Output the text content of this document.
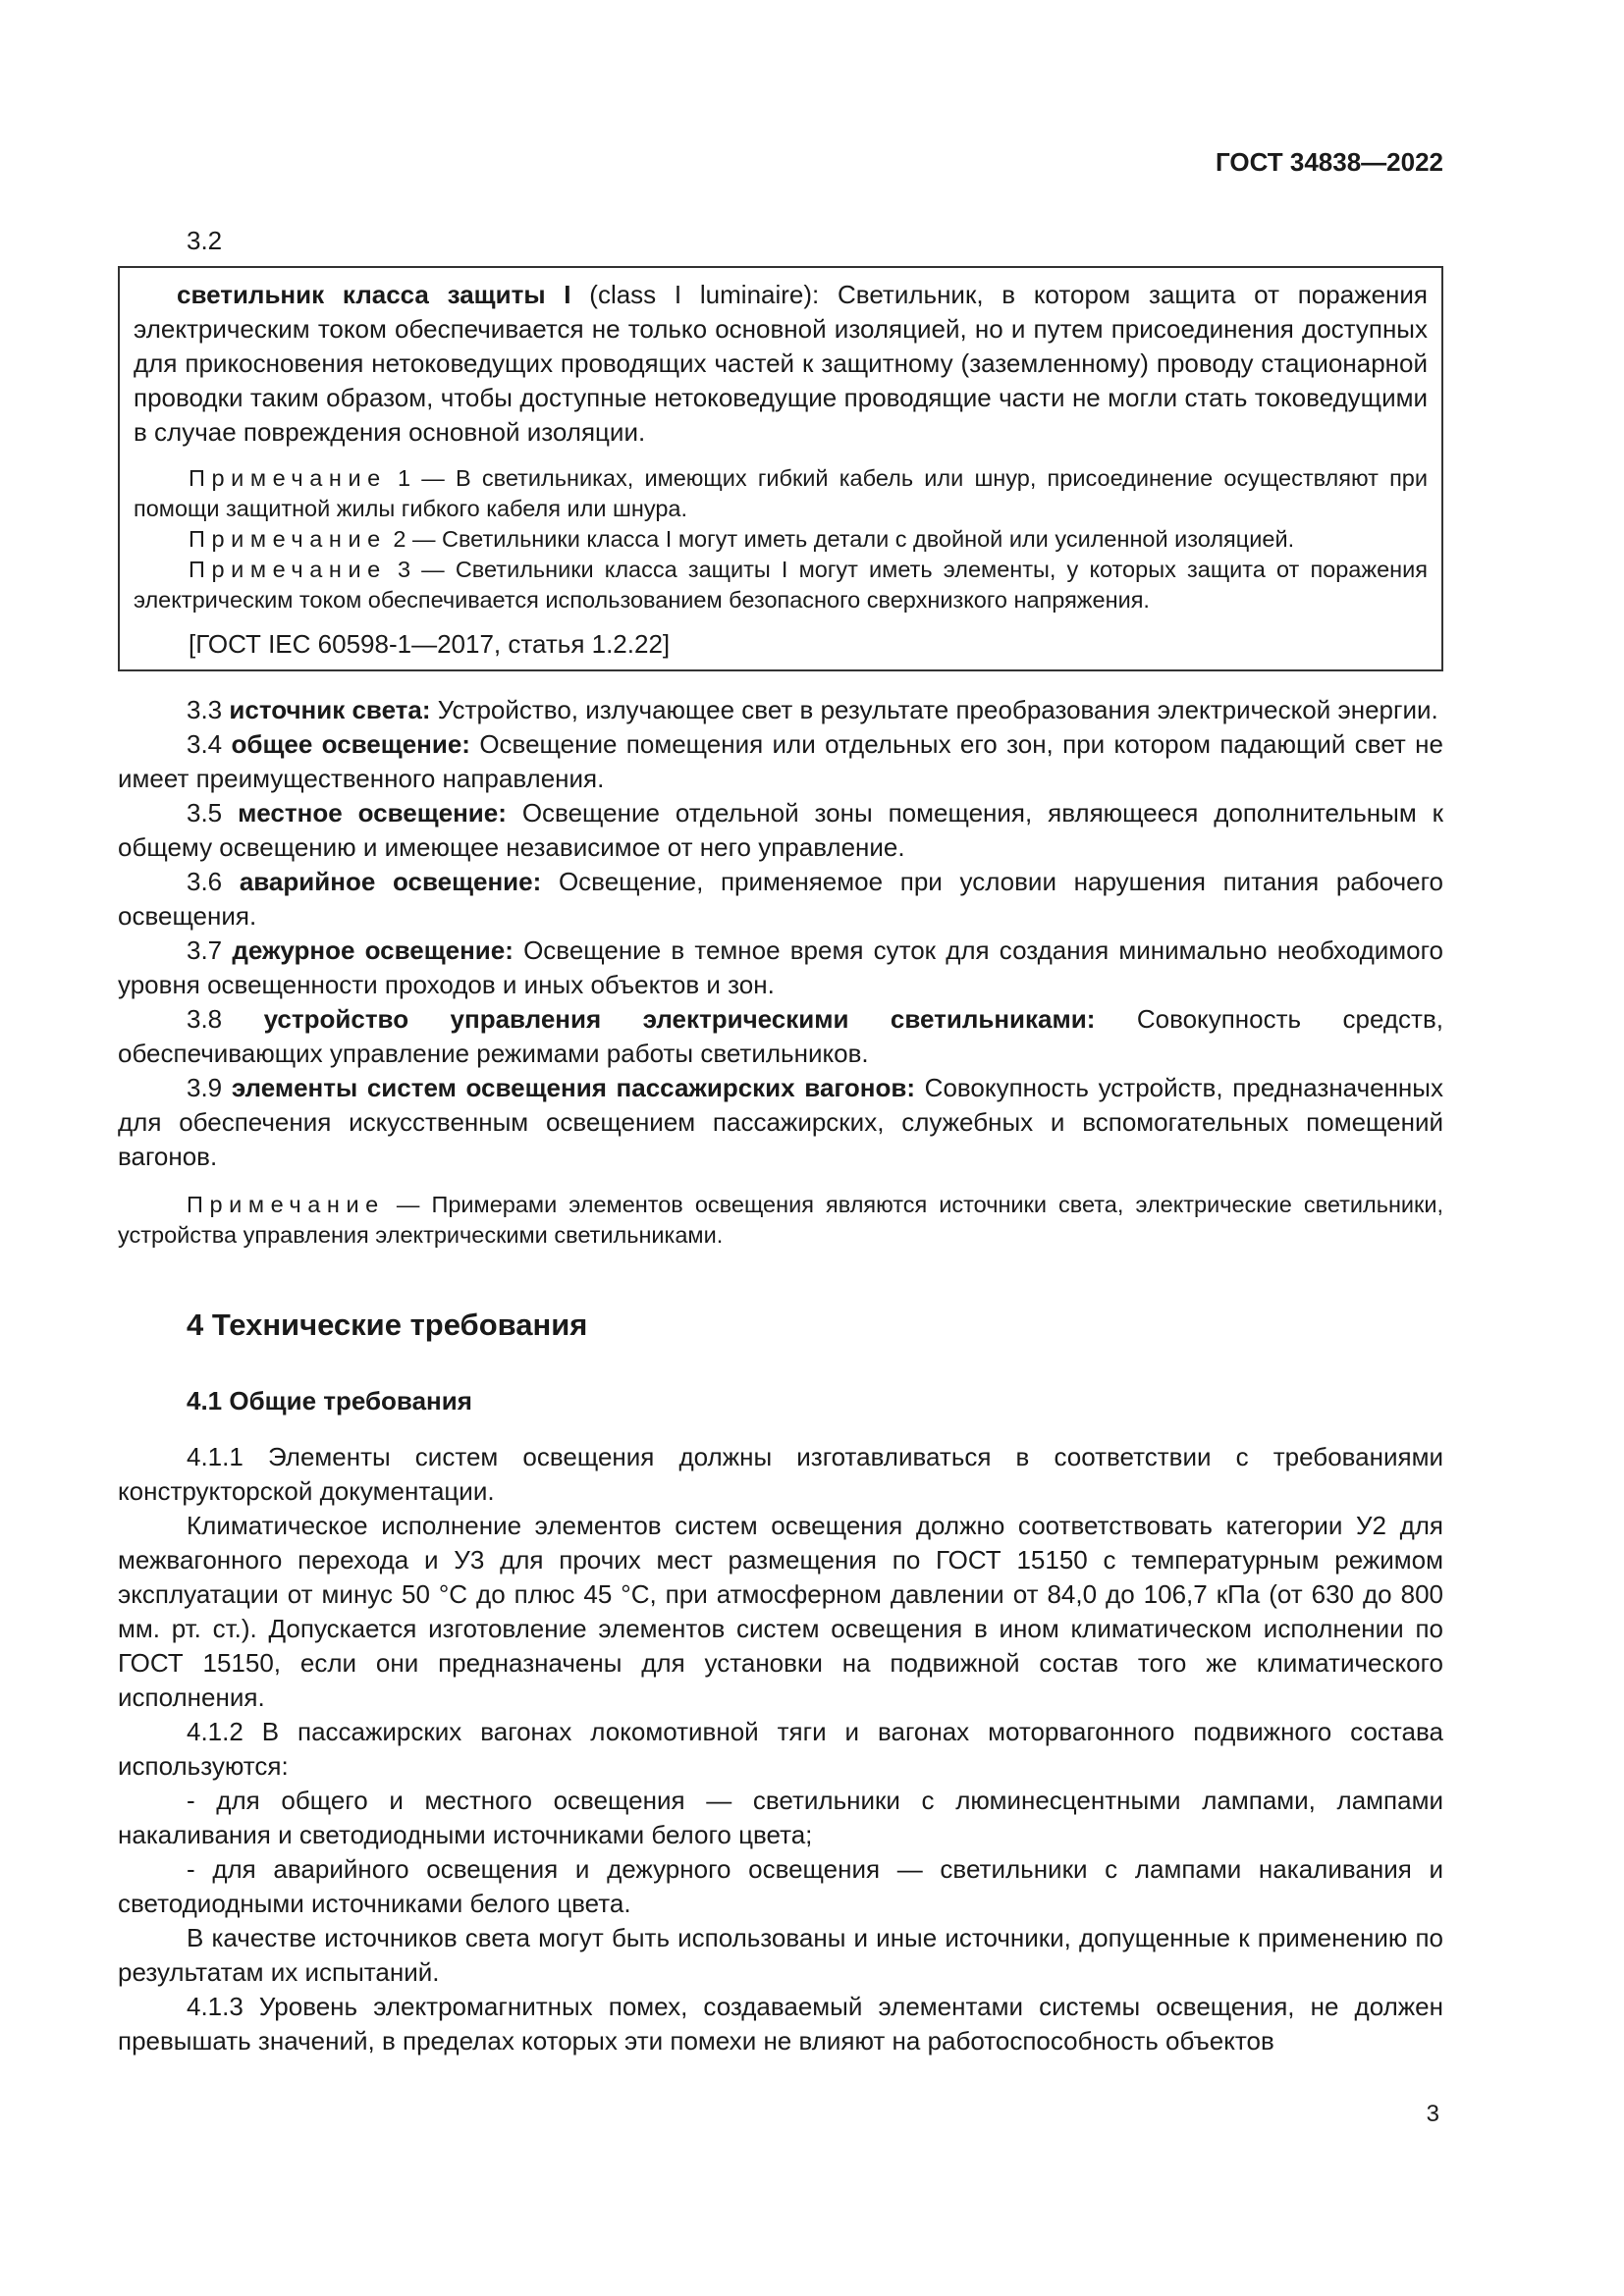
ГОСТ 34838—2022

3.2

светильник класса защиты I (class I luminaire): Светильник, в котором защита от поражения электрическим током обеспечивается не только основной изоляцией, но и путем присоединения доступных для прикосновения нетоковедущих проводящих частей к защитному (заземленному) проводу стационарной проводки таким образом, чтобы доступные нетоковедущие проводящие части не могли стать токоведущими в случае повреждения основной изоляции.

Примечание 1 — В светильниках, имеющих гибкий кабель или шнур, присоединение осуществляют при помощи защитной жилы гибкого кабеля или шнура.

Примечание 2 — Светильники класса I могут иметь детали с двойной или усиленной изоляцией.

Примечание 3 — Светильники класса защиты I могут иметь элементы, у которых защита от поражения электрическим током обеспечивается использованием безопасного сверхнизкого напряжения.

[ГОСТ IEC 60598-1—2017, статья 1.2.22]

3.3 источник света: Устройство, излучающее свет в результате преобразования электрической энергии.

3.4 общее освещение: Освещение помещения или отдельных его зон, при котором падающий свет не имеет преимущественного направления.

3.5 местное освещение: Освещение отдельной зоны помещения, являющееся дополнительным к общему освещению и имеющее независимое от него управление.

3.6 аварийное освещение: Освещение, применяемое при условии нарушения питания рабочего освещения.

3.7 дежурное освещение: Освещение в темное время суток для создания минимально необходимого уровня освещенности проходов и иных объектов и зон.

3.8 устройство управления электрическими светильниками: Совокупность средств, обеспечивающих управление режимами работы светильников.

3.9 элементы систем освещения пассажирских вагонов: Совокупность устройств, предназначенных для обеспечения искусственным освещением пассажирских, служебных и вспомогательных помещений вагонов.

Примечание — Примерами элементов освещения являются источники света, электрические светильники, устройства управления электрическими светильниками.

4 Технические требования
4.1 Общие требования

4.1.1 Элементы систем освещения должны изготавливаться в соответствии с требованиями конструкторской документации.

Климатическое исполнение элементов систем освещения должно соответствовать категории У2 для межвагонного перехода и У3 для прочих мест размещения по ГОСТ 15150 с температурным режимом эксплуатации от минус 50 °С до плюс 45 °С, при атмосферном давлении от 84,0 до 106,7 кПа (от 630 до 800 мм. рт. ст.). Допускается изготовление элементов систем освещения в ином климатическом исполнении по ГОСТ 15150, если они предназначены для установки на подвижной состав того же климатического исполнения.

4.1.2 В пассажирских вагонах локомотивной тяги и вагонах моторвагонного подвижного состава используются:

- для общего и местного освещения — светильники с люминесцентными лампами, лампами накаливания и светодиодными источниками белого цвета;

- для аварийного освещения и дежурного освещения — светильники с лампами накаливания и светодиодными источниками белого цвета.

В качестве источников света могут быть использованы и иные источники, допущенные к применению по результатам их испытаний.

4.1.3 Уровень электромагнитных помех, создаваемый элементами системы освещения, не должен превышать значений, в пределах которых эти помехи не влияют на работоспособность объектов

3
